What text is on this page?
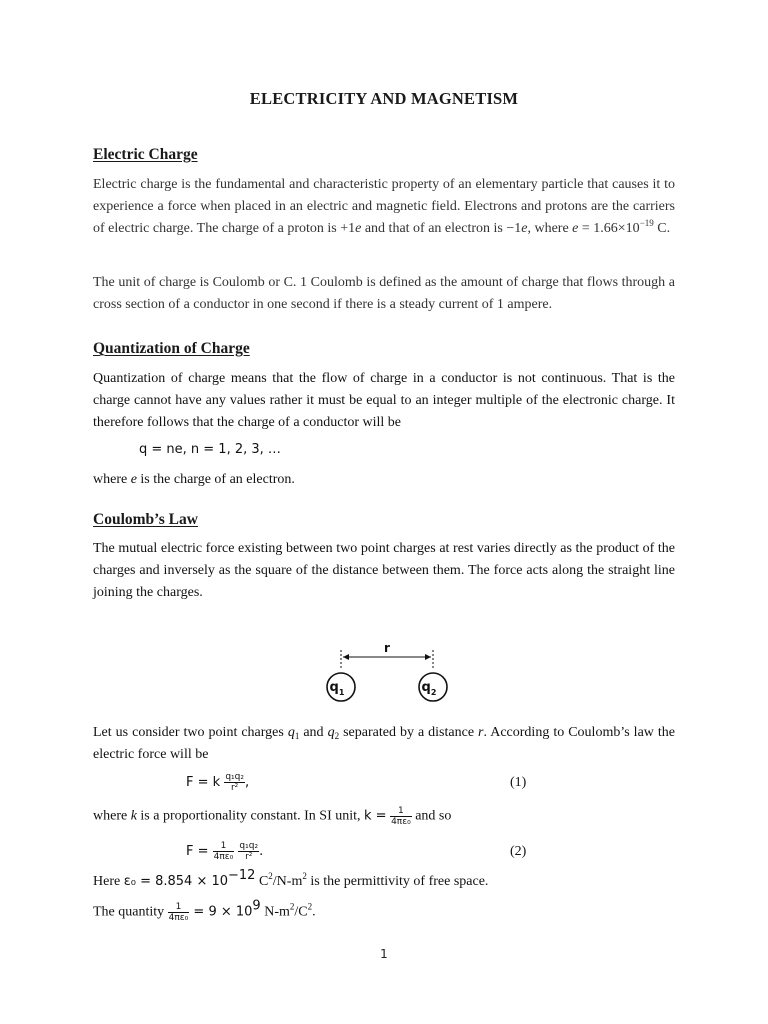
ELECTRICITY AND MAGNETISM
Electric Charge
Electric charge is the fundamental and characteristic property of an elementary particle that causes it to experience a force when placed in an electric and magnetic field. Electrons and protons are the carriers of electric charge. The charge of a proton is +1e and that of an electron is −1e, where $e = 1.66\times 10^{-19}$ C.
The unit of charge is Coulomb or C. 1 Coulomb is defined as the amount of charge that flows through a cross section of a conductor in one second if there is a steady current of 1 ampere.
Quantization of Charge
Quantization of charge means that the flow of charge in a conductor is not continuous. That is the charge cannot have any values rather it must be equal to an integer multiple of the electronic charge. It therefore follows that the charge of a conductor will be
q = ne, n = 1, 2, 3, …
where e is the charge of an electron.
Coulomb’s Law
The mutual electric force existing between two point charges at rest varies directly as the product of the charges and inversely as the square of the distance between them. The force acts along the straight line joining the charges.
r
$q_1$	$q_2$
Let us consider two point charges $q_1$ and $q_2$ separated by a distance r. According to Coulomb’s law the electric force will be
F = k $\frac{\text{q₁q₂}}{\text{r²}}$ ,	(1)
where k is a proportionality constant. In SI unit, $k = \frac{1}{\text{4πε₀}}$ and so
$F = \frac{1}{\text{4πε₀}}$
$\frac{\text{q₁q₂}}{\text{r²}}$ .	(2)
Here $\varepsilon_0 = 8.854 \times 10^{-12}$ $C^2/N-m^2$ is the permittivity of free space.
The quantity $\frac{1}{\text{4πε₀}} = 9 \times 10^9$ $N-m^2/C^2$.
1
